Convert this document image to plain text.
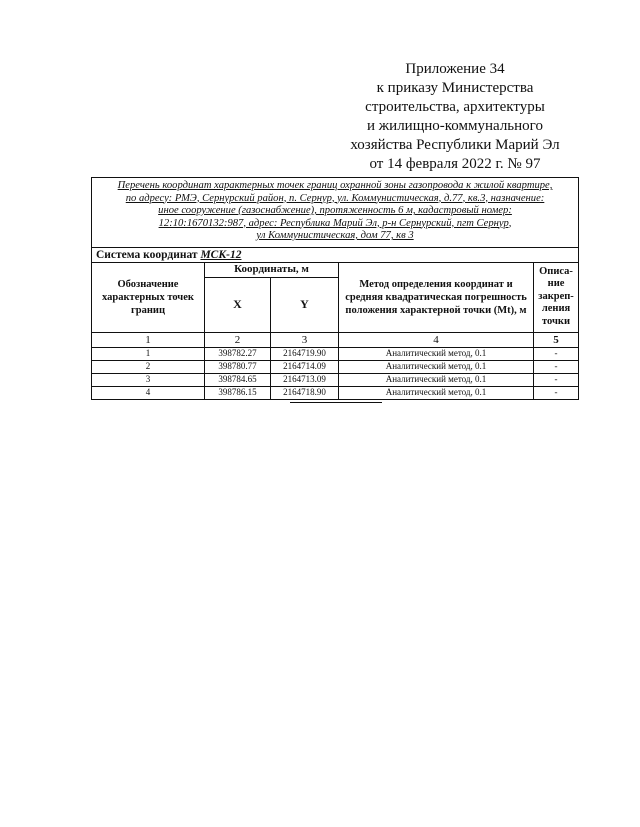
Приложение 34
к приказу Министерства
строительства, архитектуры
и жилищно-коммунального
хозяйства Республики Марий Эл
от 14 февраля 2022 г. № 97
Перечень координат характерных точек границ охранной зоны газопровода к жилой квартире,
по адресу: РМЭ, Сернурский район, п. Сернур, ул. Коммунистическая, д.77, кв.3, назначение:
иное сооружение (газоснабжение), протяженность 6 м, кадастровый номер:
12:10:1670132:987, адрес: Республика Марий Эл, р-н Сернурский, пгт Сернур,
ул Коммунистическая, дом 77, кв 3				

Система координат МСК-12				
Обозначение характерных точек границ	Координаты, м		Метод определения координат и средняя квадратическая погрешность положения характерной точки (Mt), м	Описа-ние закреп-ления точки
	X	Y		
1	2	3	4	5
1	398782.27	2164719.90	Аналитический метод, 0.1	-
2	398780.77	2164714.09	Аналитический метод, 0.1	-
3	398784.65	2164713.09	Аналитический метод, 0.1	-
4	398786.15	2164718.90	Аналитический метод, 0.1	-
